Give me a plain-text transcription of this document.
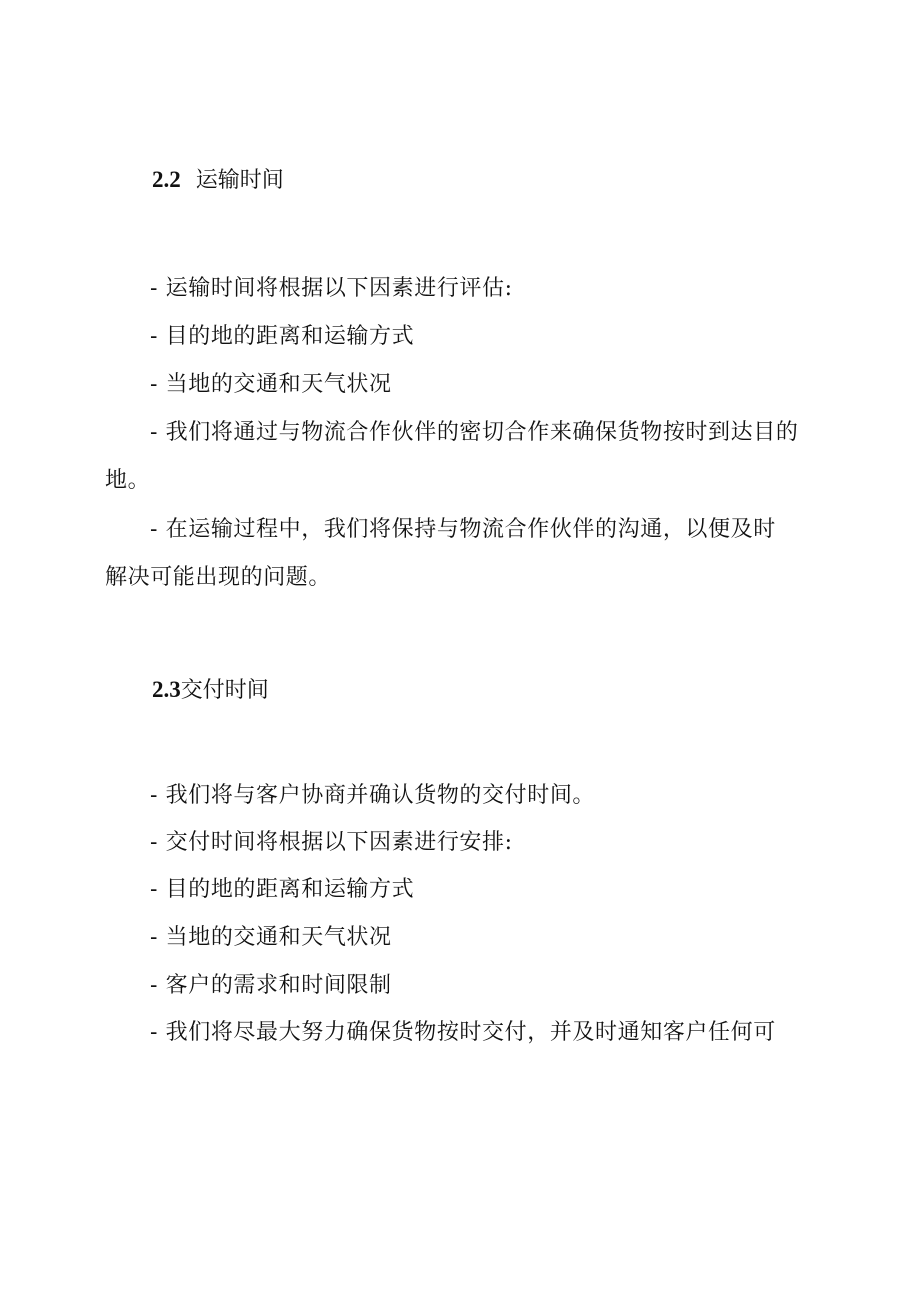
2.2 运输时间
- 运输时间将根据以下因素进行评估:
- 目的地的距离和运输方式
- 当地的交通和天气状况
- 我们将通过与物流合作伙伴的密切合作来确保货物按时到达目的
地。
- 在运输过程中，我们将保持与物流合作伙伴的沟通，以便及时
解决可能出现的问题。
2.3交付时间
- 我们将与客户协商并确认货物的交付时间。
- 交付时间将根据以下因素进行安排:
- 目的地的距离和运输方式
- 当地的交通和天气状况
- 客户的需求和时间限制
- 我们将尽最大努力确保货物按时交付，并及时通知客户任何可
